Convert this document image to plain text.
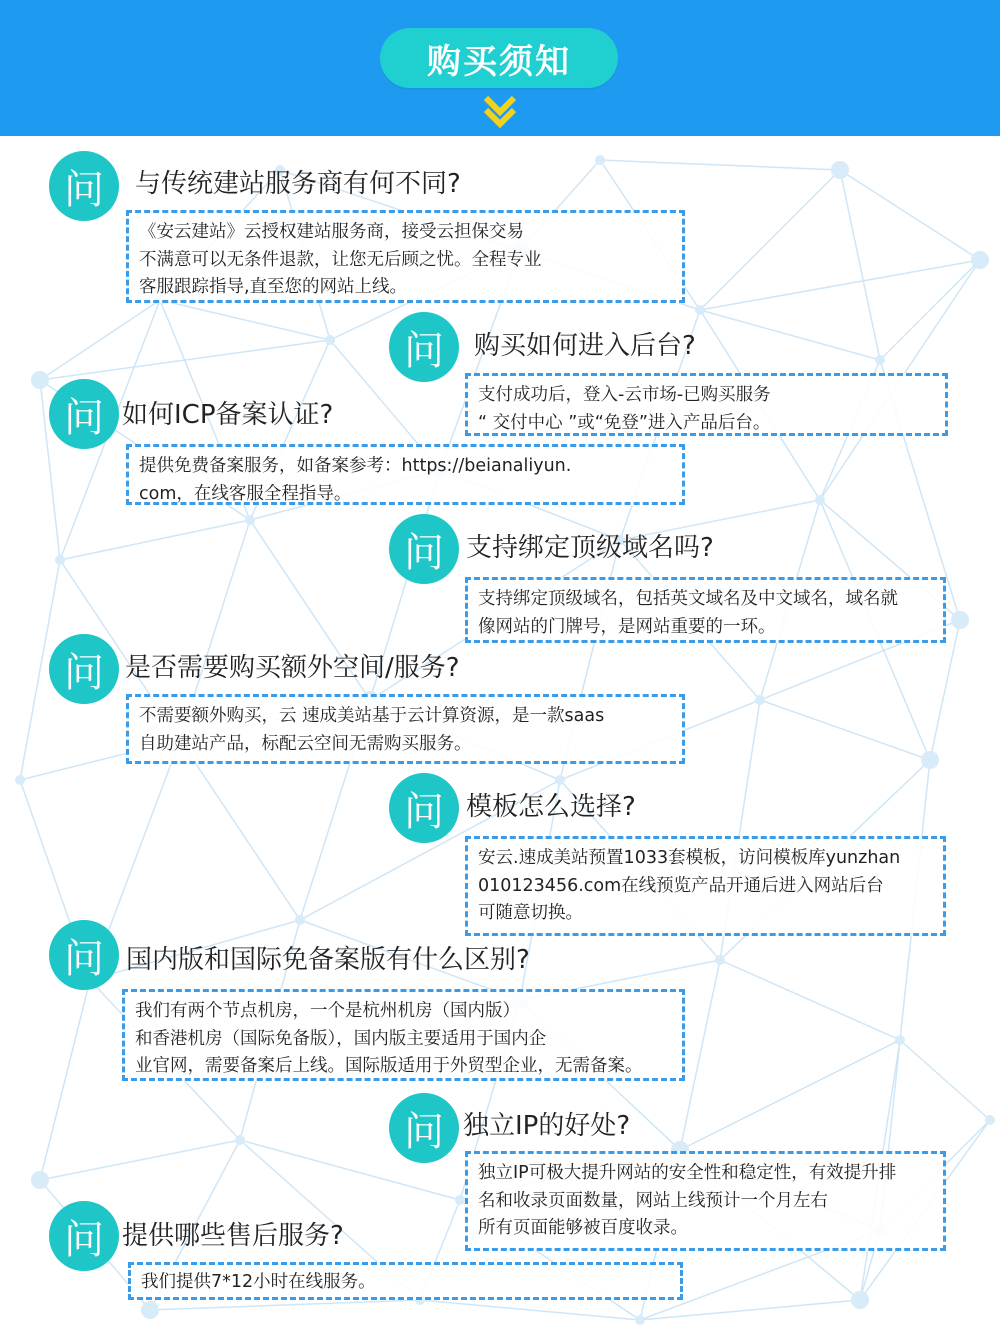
购买须知
问	与传统建站服务商有何不同?
《安云建站》云授权建站服务商，接受云担保交易
不满意可以无条件退款，让您无后顾之忧。全程专业
客服跟踪指导,直至您的网站上线。
问	购买如何进入后台?
支付成功后，登入-云市场-已购买服务
“ 交付中心 ”或“免登”进入产品后台。
问 如何ICP备案认证?
提供免费备案服务，如备案参考：https://beianaliyun.
com，在线客服全程指导。
问 支持绑定顶级域名吗?
支持绑定顶级域名，包括英文域名及中文域名，域名就
像网站的门牌号，是网站重要的一环。
问 是否需要购买额外空间/服务?
不需要额外购买，云 速成美站基于云计算资源，是一款saas
自助建站产品，标配云空间无需购买服务。
问 模板怎么选择?
安云.速成美站预置1033套模板，访问模板库yunzhan
010123456.com在线预览产品开通后进入网站后台
可随意切换。
问 国内版和国际免备案版有什么区别?
我们有两个节点机房，一个是杭州机房（国内版）
和香港机房（国际免备版），国内版主要适用于国内企
业官网，需要备案后上线。国际版适用于外贸型企业，无需备案。
问 独立IP的好处?
独立IP可极大提升网站的安全性和稳定性，有效提升排
名和收录页面数量，网站上线预计一个月左右
所有页面能够被百度收录。
问 提供哪些售后服务?
我们提供7*12小时在线服务。
